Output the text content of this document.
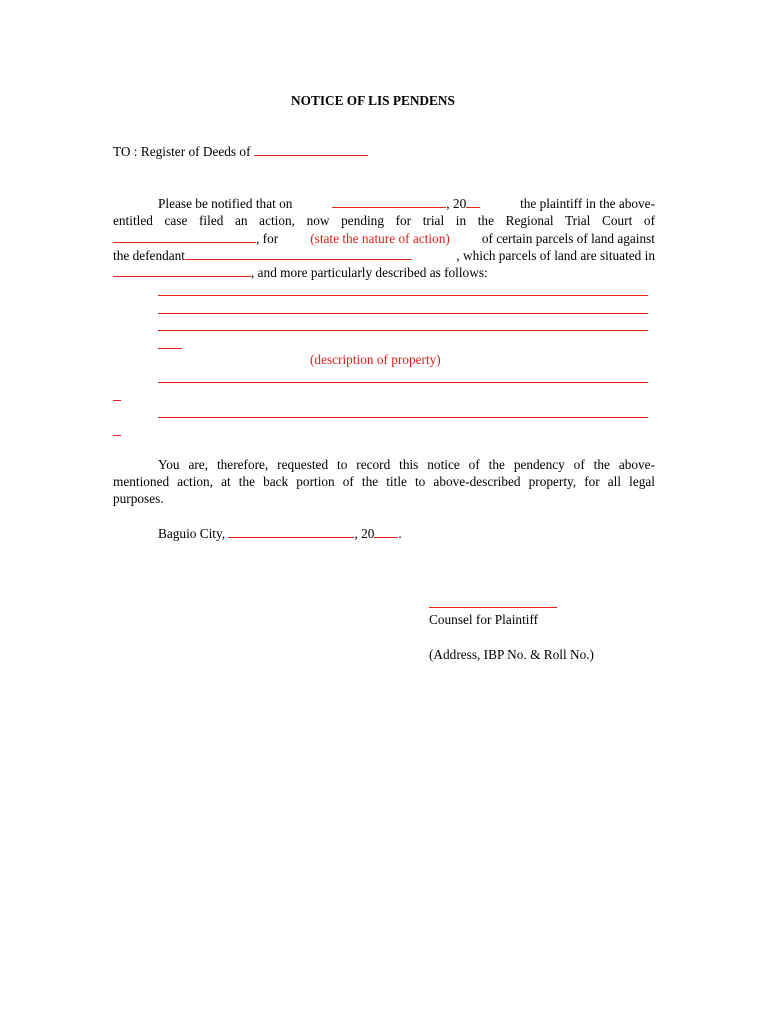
NOTICE OF LIS PENDENS
TO : Register of Deeds of
Please be notified that on	, 20	the plaintiff in the above-
entitled case filed an action, now pending for trial in the Regional Trial Court of
, for (state the nature of action) of certain parcels of land against
the defendant	, which parcels of land are situated in
, and more particularly described as follows:
(description of property)
You are, therefore, requested to record this notice of the pendency of the above-
mentioned action, at the back portion of the title to above-described property, for all legal
purposes.
Baguio City,	, 20 .
Counsel for Plaintiff
(Address, IBP No. & Roll No.)
